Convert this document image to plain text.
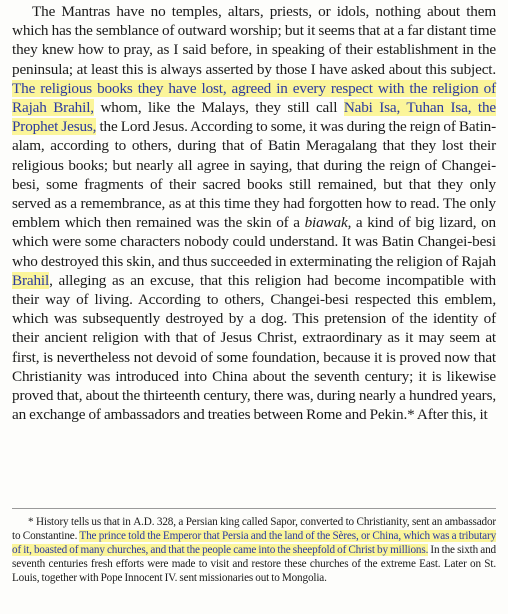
The Mantras have no temples, altars, priests, or idols, nothing about them which has the semblance of outward worship; but it seems that at a far distant time they knew how to pray, as I said before, in speaking of their establishment in the peninsula; at least this is always asserted by those I have asked about this subject. The religious books they have lost, agreed in every respect with the religion of Rajah Brahil, whom, like the Malays, they still call Nabi Isa, Tuhan Isa, the Prophet Jesus, the Lord Jesus. According to some, it was during the reign of Batin-alam, according to others, during that of Batin Meragalang that they lost their religious books; but nearly all agree in saying, that during the reign of Changei-besi, some fragments of their sacred books still remained, but that they only served as a remembrance, as at this time they had forgotten how to read. The only emblem which then remained was the skin of a biawak, a kind of big lizard, on which were some characters nobody could understand. It was Batin Changei-besi who destroyed this skin, and thus succeeded in exterminating the religion of Rajah Brahil, alleging as an excuse, that this religion had become incompatible with their way of living. According to others, Changei-besi respected this emblem, which was subsequently destroyed by a dog. This pretension of the identity of their ancient religion with that of Jesus Christ, extraordinary as it may seem at first, is nevertheless not devoid of some foundation, because it is proved now that Christianity was introduced into China about the seventh century; it is likewise proved that, about the thirteenth century, there was, during nearly a hundred years, an exchange of ambassadors and treaties between Rome and Pekin.* After this, it

* History tells us that in A.D. 328, a Persian king called Sapor, converted to Christianity, sent an ambassador to Constantine. The prince told the Emperor that Persia and the land of the Sères, or China, which was a tributary of it, boasted of many churches, and that the people came into the sheepfold of Christ by millions. In the sixth and seventh centuries fresh efforts were made to visit and restore these churches of the extreme East. Later on St. Louis, together with Pope Innocent IV. sent missionaries out to Mongolia.
